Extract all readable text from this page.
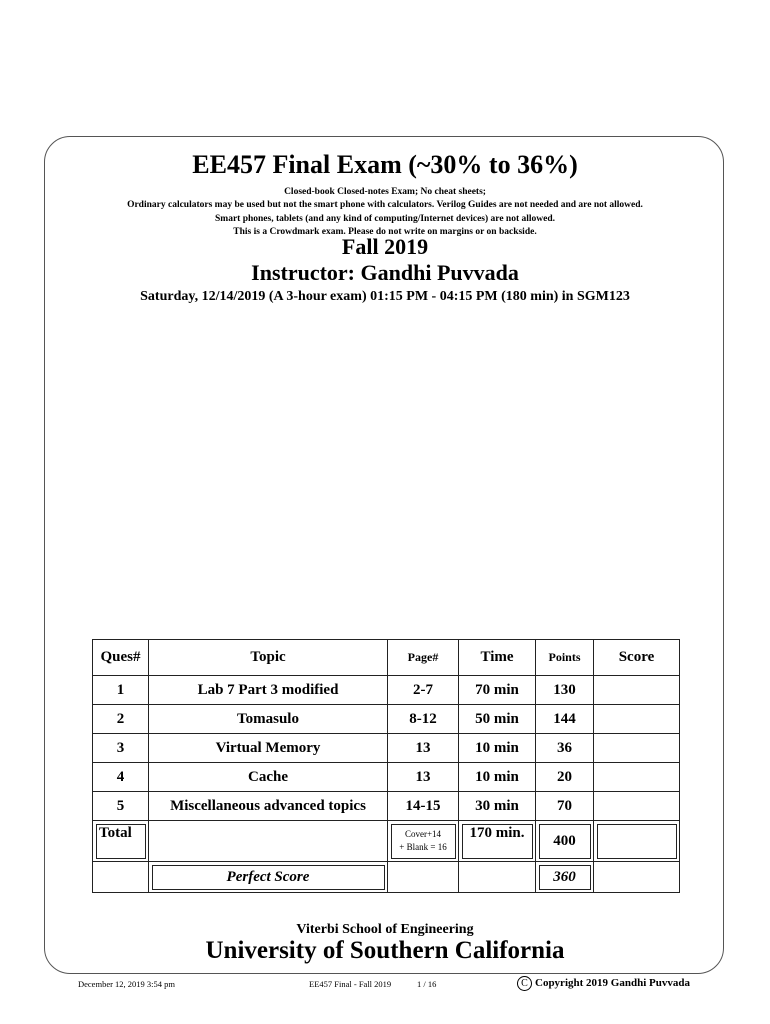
EE457 Final Exam (~30% to 36%)
Closed-book Closed-notes Exam; No cheat sheets;
Ordinary calculators may be used but not the smart phone with calculators. Verilog Guides are not needed and are not allowed.
Smart phones, tablets (and any kind of computing/Internet devices) are not allowed.
This is a Crowdmark exam. Please do not write on margins or on backside.
Fall 2019
Instructor: Gandhi Puvvada
Saturday, 12/14/2019 (A 3-hour exam) 01:15 PM - 04:15 PM (180 min) in SGM123
Ques#	Topic	Page#	Time	Points	Score
1	Lab 7 Part 3 modified	2-7	70 min	130	
2	Tomasulo	8-12	50 min	144	
3	Virtual Memory	13	10 min	36	
4	Cache	13	10 min	20	
5	Miscellaneous advanced topics	14-15	30 min	70	
Total		Cover+14
+ Blank = 16	170 min.	400	
	Perfect Score			360	
Viterbi School of Engineering
University of Southern California
December 12, 2019 3:54 pm	EE457 Final - Fall 2019	1 / 16	C Copyright 2019 Gandhi Puvvada
